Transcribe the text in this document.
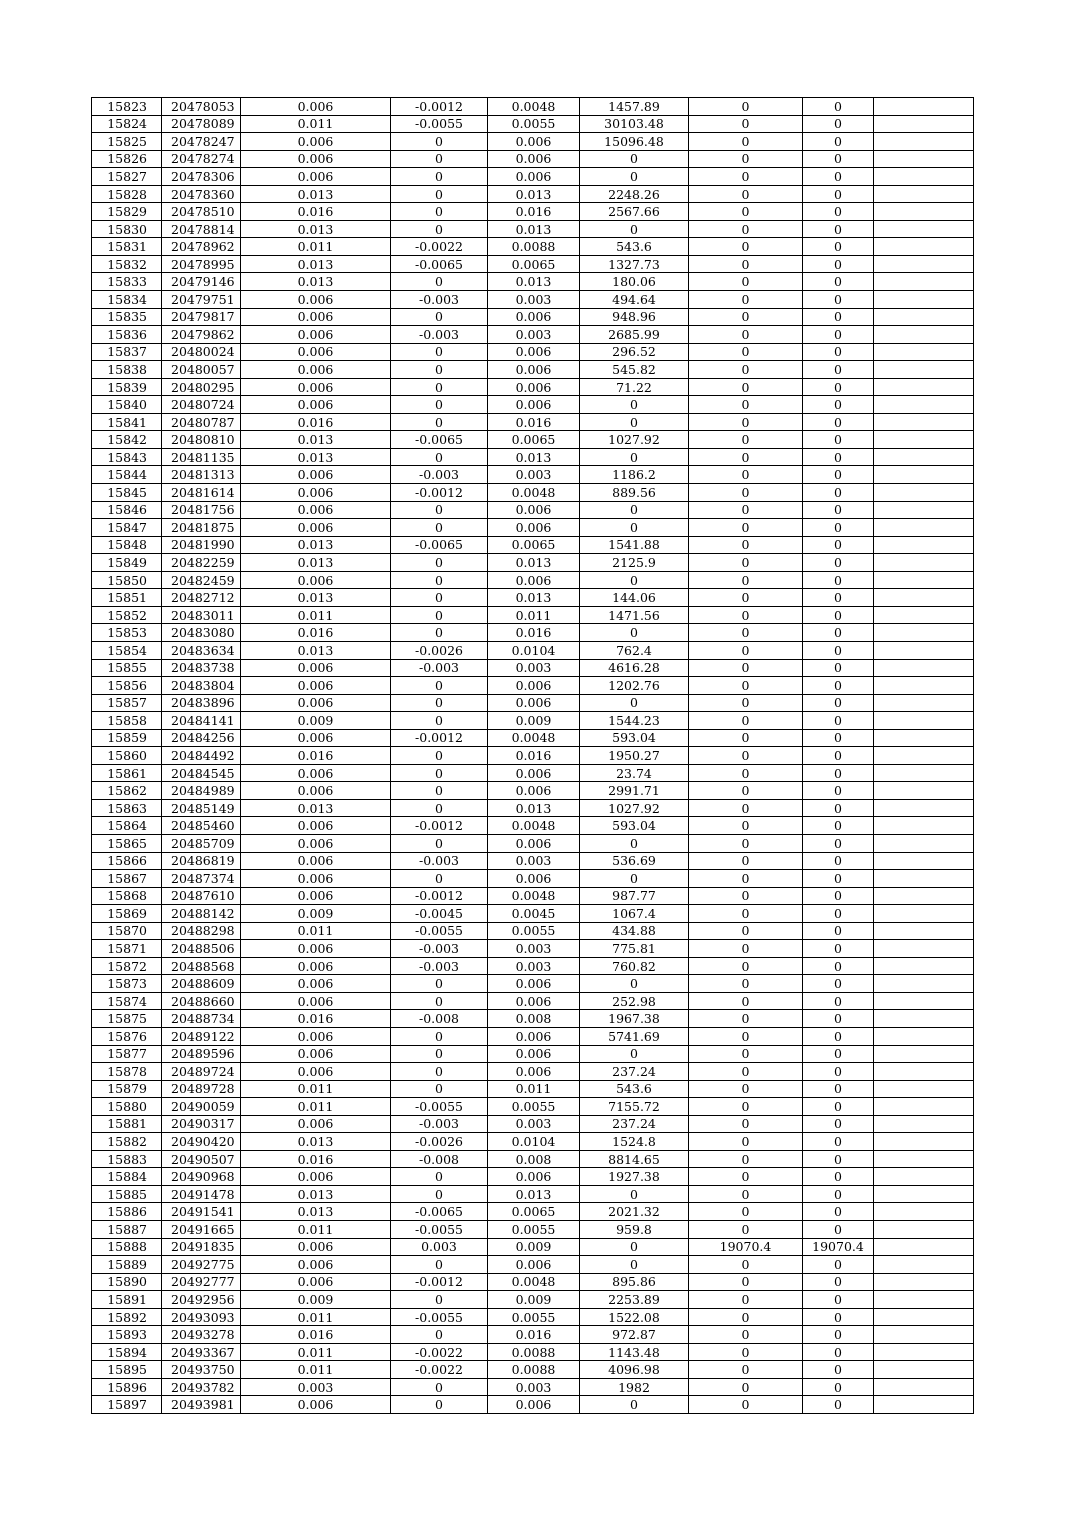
15823	20478053	0.006	-0.0012	0.0048	1457.89	0	0	
15824	20478089	0.011	-0.0055	0.0055	30103.48	0	0	
15825	20478247	0.006	0	0.006	15096.48	0	0	
15826	20478274	0.006	0	0.006	0	0	0	
15827	20478306	0.006	0	0.006	0	0	0	
15828	20478360	0.013	0	0.013	2248.26	0	0	
15829	20478510	0.016	0	0.016	2567.66	0	0	
15830	20478814	0.013	0	0.013	0	0	0	
15831	20478962	0.011	-0.0022	0.0088	543.6	0	0	
15832	20478995	0.013	-0.0065	0.0065	1327.73	0	0	
15833	20479146	0.013	0	0.013	180.06	0	0	
15834	20479751	0.006	-0.003	0.003	494.64	0	0	
15835	20479817	0.006	0	0.006	948.96	0	0	
15836	20479862	0.006	-0.003	0.003	2685.99	0	0	
15837	20480024	0.006	0	0.006	296.52	0	0	
15838	20480057	0.006	0	0.006	545.82	0	0	
15839	20480295	0.006	0	0.006	71.22	0	0	
15840	20480724	0.006	0	0.006	0	0	0	
15841	20480787	0.016	0	0.016	0	0	0	
15842	20480810	0.013	-0.0065	0.0065	1027.92	0	0	
15843	20481135	0.013	0	0.013	0	0	0	
15844	20481313	0.006	-0.003	0.003	1186.2	0	0	
15845	20481614	0.006	-0.0012	0.0048	889.56	0	0	
15846	20481756	0.006	0	0.006	0	0	0	
15847	20481875	0.006	0	0.006	0	0	0	
15848	20481990	0.013	-0.0065	0.0065	1541.88	0	0	
15849	20482259	0.013	0	0.013	2125.9	0	0	
15850	20482459	0.006	0	0.006	0	0	0	
15851	20482712	0.013	0	0.013	144.06	0	0	
15852	20483011	0.011	0	0.011	1471.56	0	0	
15853	20483080	0.016	0	0.016	0	0	0	
15854	20483634	0.013	-0.0026	0.0104	762.4	0	0	
15855	20483738	0.006	-0.003	0.003	4616.28	0	0	
15856	20483804	0.006	0	0.006	1202.76	0	0	
15857	20483896	0.006	0	0.006	0	0	0	
15858	20484141	0.009	0	0.009	1544.23	0	0	
15859	20484256	0.006	-0.0012	0.0048	593.04	0	0	
15860	20484492	0.016	0	0.016	1950.27	0	0	
15861	20484545	0.006	0	0.006	23.74	0	0	
15862	20484989	0.006	0	0.006	2991.71	0	0	
15863	20485149	0.013	0	0.013	1027.92	0	0	
15864	20485460	0.006	-0.0012	0.0048	593.04	0	0	
15865	20485709	0.006	0	0.006	0	0	0	
15866	20486819	0.006	-0.003	0.003	536.69	0	0	
15867	20487374	0.006	0	0.006	0	0	0	
15868	20487610	0.006	-0.0012	0.0048	987.77	0	0	
15869	20488142	0.009	-0.0045	0.0045	1067.4	0	0	
15870	20488298	0.011	-0.0055	0.0055	434.88	0	0	
15871	20488506	0.006	-0.003	0.003	775.81	0	0	
15872	20488568	0.006	-0.003	0.003	760.82	0	0	
15873	20488609	0.006	0	0.006	0	0	0	
15874	20488660	0.006	0	0.006	252.98	0	0	
15875	20488734	0.016	-0.008	0.008	1967.38	0	0	
15876	20489122	0.006	0	0.006	5741.69	0	0	
15877	20489596	0.006	0	0.006	0	0	0	
15878	20489724	0.006	0	0.006	237.24	0	0	
15879	20489728	0.011	0	0.011	543.6	0	0	
15880	20490059	0.011	-0.0055	0.0055	7155.72	0	0	
15881	20490317	0.006	-0.003	0.003	237.24	0	0	
15882	20490420	0.013	-0.0026	0.0104	1524.8	0	0	
15883	20490507	0.016	-0.008	0.008	8814.65	0	0	
15884	20490968	0.006	0	0.006	1927.38	0	0	
15885	20491478	0.013	0	0.013	0	0	0	
15886	20491541	0.013	-0.0065	0.0065	2021.32	0	0	
15887	20491665	0.011	-0.0055	0.0055	959.8	0	0	
15888	20491835	0.006	0.003	0.009	0	19070.4	19070.4	
15889	20492775	0.006	0	0.006	0	0	0	
15890	20492777	0.006	-0.0012	0.0048	895.86	0	0	
15891	20492956	0.009	0	0.009	2253.89	0	0	
15892	20493093	0.011	-0.0055	0.0055	1522.08	0	0	
15893	20493278	0.016	0	0.016	972.87	0	0	
15894	20493367	0.011	-0.0022	0.0088	1143.48	0	0	
15895	20493750	0.011	-0.0022	0.0088	4096.98	0	0	
15896	20493782	0.003	0	0.003	1982	0	0	
15897	20493981	0.006	0	0.006	0	0	0	
